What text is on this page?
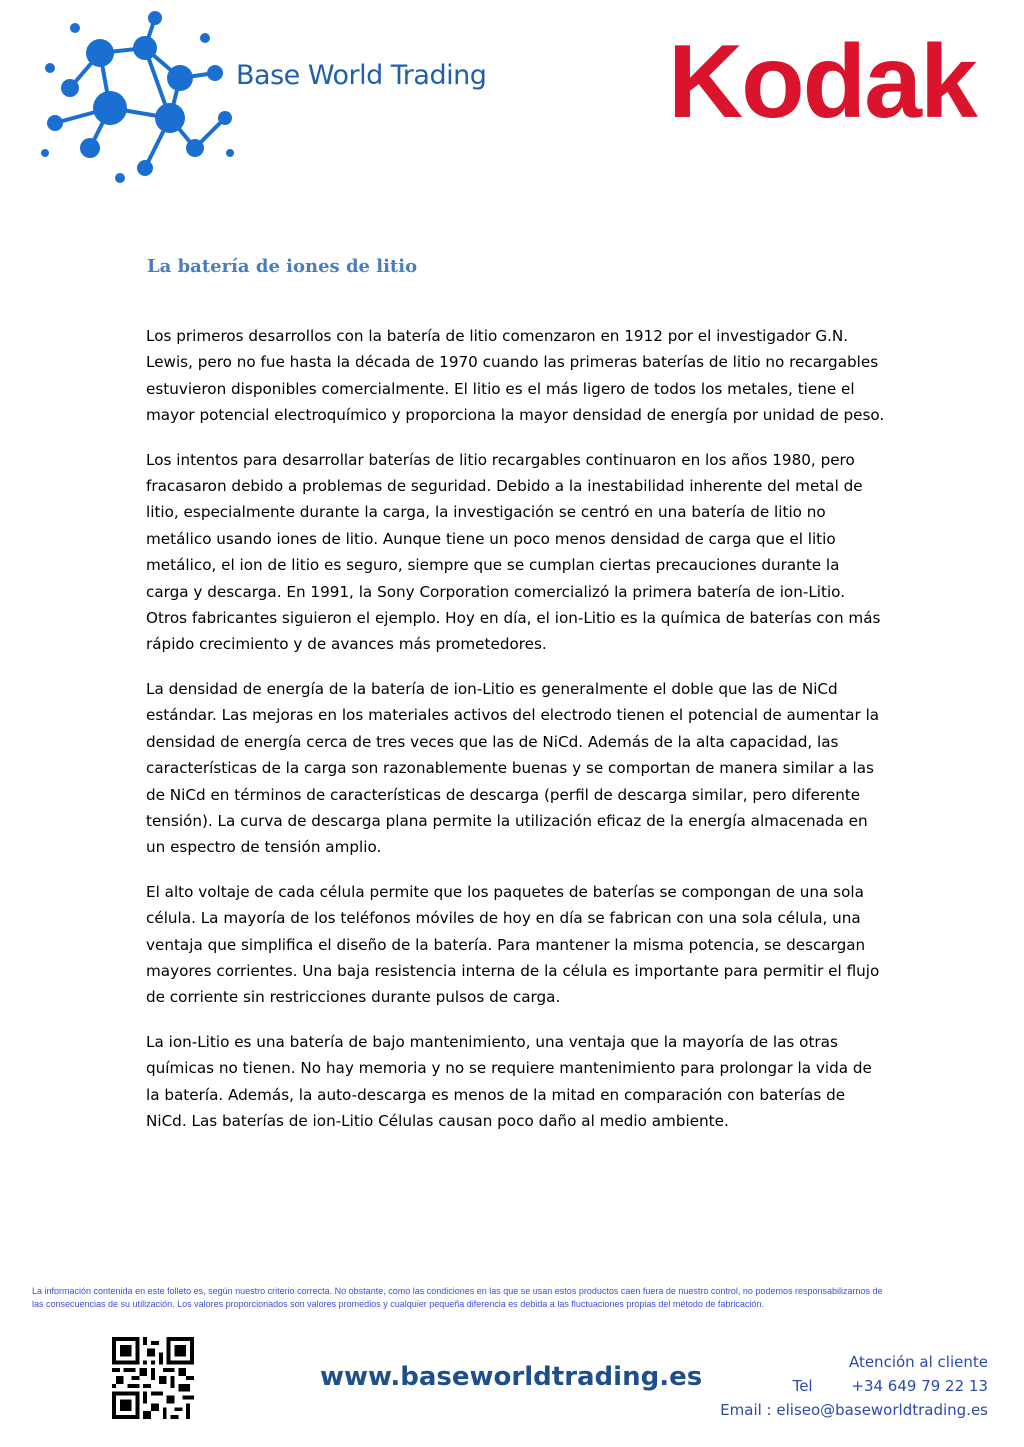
Base World Trading Kodak
La batería de iones de litio

Los primeros desarrollos con la batería de litio comenzaron en 1912 por el investigador G.N. Lewis, pero no fue hasta la década de 1970 cuando las primeras baterías de litio no recargables estuvieron disponibles comercialmente. El litio es el más ligero de todos los metales, tiene el mayor potencial electroquímico y proporciona la mayor densidad de energía por unidad de peso.

Los intentos para desarrollar baterías de litio recargables continuaron en los años 1980, pero fracasaron debido a problemas de seguridad. Debido a la inestabilidad inherente del metal de litio, especialmente durante la carga, la investigación se centró en una batería de litio no metálico usando iones de litio. Aunque tiene un poco menos densidad de carga que el litio metálico, el ion de litio es seguro, siempre que se cumplan ciertas precauciones durante la carga y descarga. En 1991, la Sony Corporation comercializó la primera batería de ion-Litio. Otros fabricantes siguieron el ejemplo. Hoy en día, el ion-Litio es la química de baterías con más rápido crecimiento y de avances más prometedores.

La densidad de energía de la batería de ion-Litio es generalmente el doble que las de NiCd estándar. Las mejoras en los materiales activos del electrodo tienen el potencial de aumentar la densidad de energía cerca de tres veces que las de NiCd. Además de la alta capacidad, las características de la carga son razonablemente buenas y se comportan de manera similar a las de NiCd en términos de características de descarga (perfil de descarga similar, pero diferente tensión). La curva de descarga plana permite la utilización eficaz de la energía almacenada en un espectro de tensión amplio.

El alto voltaje de cada célula permite que los paquetes de baterías se compongan de una sola célula. La mayoría de los teléfonos móviles de hoy en día se fabrican con una sola célula, una ventaja que simplifica el diseño de la batería. Para mantener la misma potencia, se descargan mayores corrientes. Una baja resistencia interna de la célula es importante para permitir el flujo de corriente sin restricciones durante pulsos de carga.

La ion-Litio es una batería de bajo mantenimiento, una ventaja que la mayoría de las otras químicas no tienen. No hay memoria y no se requiere mantenimiento para prolongar la vida de la batería. Además, la auto-descarga es menos de la mitad en comparación con baterías de NiCd. Las baterías de ion-Litio Células causan poco daño al medio ambiente.

La información contenida en este folleto es, según nuestro criterio correcta. No obstante, como las condiciones en las que se usan estos productos caen fuera de nuestro control, no podemos responsabilizarnos de
las consecuencias de su utilización. Los valores proporcionados son valores promedios y cualquier pequeña diferencia es debida a las fluctuaciones propias del método de fabricación.
www.baseworldtrading.es	Atención al cliente
Tel	+34 649 79 22 13
Email : eliseo@baseworldtrading.es
